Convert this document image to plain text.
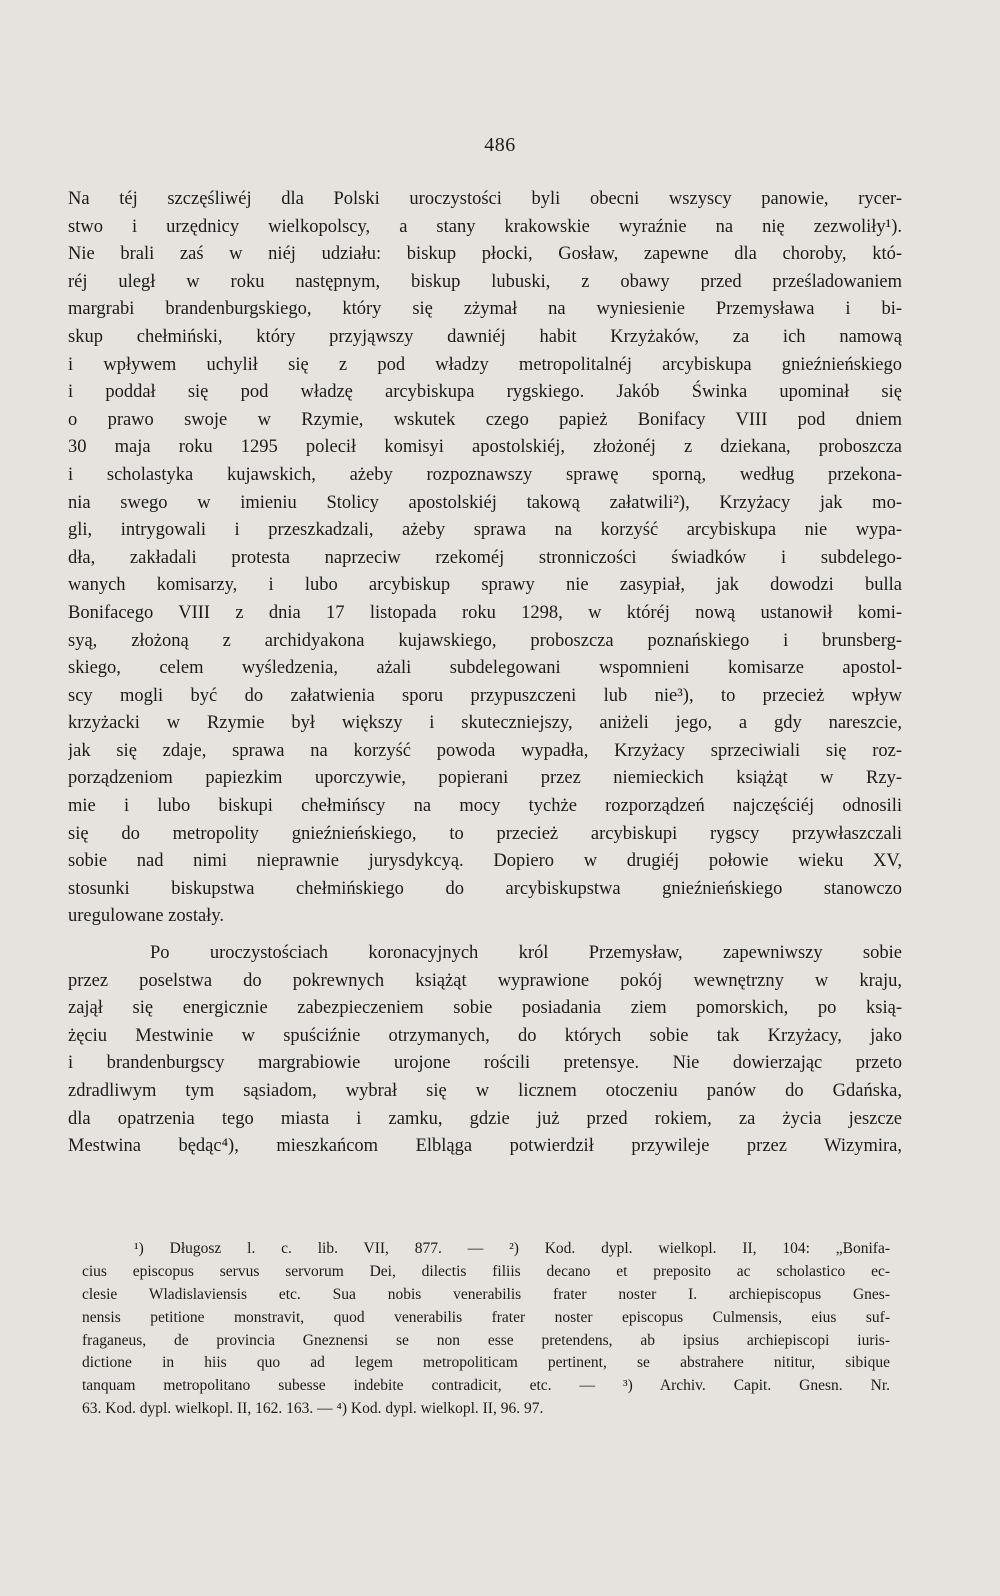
486
Na téj szczęśliwéj dla Polski uroczystości byli obecni wszyscy panowie, rycer-
stwo i urzędnicy wielkopolscy, a stany krakowskie wyraźnie na nię zezwoliły¹).
Nie brali zaś w niéj udziału: biskup płocki, Gosław, zapewne dla choroby, któ-
réj uległ w roku następnym, biskup lubuski, z obawy przed prześladowaniem
margrabi brandenburgskiego, który się zżymał na wyniesienie Przemysława i bi-
skup chełmiński, który przyjąwszy dawniéj habit Krzyżaków, za ich namową
i wpływem uchylił się z pod władzy metropolitalnéj arcybiskupa gnieźnieńskiego
i poddał się pod władzę arcybiskupa rygskiego. Jakób Świnka upominał się
o prawo swoje w Rzymie, wskutek czego papież Bonifacy VIII pod dniem
30 maja roku 1295 polecił komisyi apostolskiéj, złożonéj z dziekana, proboszcza
i scholastyka kujawskich, ażeby rozpoznawszy sprawę sporną, według przekona-
nia swego w imieniu Stolicy apostolskiéj takową załatwili²), Krzyżacy jak mo-
gli, intrygowali i przeszkadzali, ażeby sprawa na korzyść arcybiskupa nie wypa-
dła, zakładali protesta naprzeciw rzekoméj stronniczości świadków i subdelego-
wanych komisarzy, i lubo arcybiskup sprawy nie zasypiał, jak dowodzi bulla
Bonifacego VIII z dnia 17 listopada roku 1298, w któréj nową ustanowił komi-
syą, złożoną z archidyakona kujawskiego, proboszcza poznańskiego i brunsberg-
skiego, celem wyśledzenia, ażali subdelegowani wspomnieni komisarze apostol-
scy mogli być do załatwienia sporu przypuszczeni lub nie³), to przecież wpływ
krzyżacki w Rzymie był większy i skuteczniejszy, aniżeli jego, a gdy nareszcie,
jak się zdaje, sprawa na korzyść powoda wypadła, Krzyżacy sprzeciwiali się roz-
porządzeniom papiezkim uporczywie, popierani przez niemieckich książąt w Rzy-
mie i lubo biskupi chełmińscy na mocy tychże rozporządzeń najczęściéj odnosili
się do metropolity gnieźnieńskiego, to przecież arcybiskupi rygscy przywłaszczali
sobie nad nimi nieprawnie jurysdykcyą. Dopiero w drugiéj połowie wieku XV,
stosunki biskupstwa chełmińskiego do arcybiskupstwa gnieźnieńskiego stanowczo
uregulowane zostały.
Po uroczystościach koronacyjnych król Przemysław, zapewniwszy sobie
przez poselstwa do pokrewnych książąt wyprawione pokój wewnętrzny w kraju,
zajął się energicznie zabezpieczeniem sobie posiadania ziem pomorskich, po ksią-
żęciu Mestwinie w spuściźnie otrzymanych, do których sobie tak Krzyżacy, jako
i brandenburgscy margrabiowie urojone rościli pretensye. Nie dowierzając przeto
zdradliwym tym sąsiadom, wybrał się w licznem otoczeniu panów do Gdańska,
dla opatrzenia tego miasta i zamku, gdzie już przed rokiem, za życia jeszcze
Mestwina będąc⁴), mieszkańcom Elbląga potwierdził przywileje przez Wizymira,
¹) Długosz l. c. lib. VII, 877. — ²) Kod. dypl. wielkopl. II, 104: „Bonifa-
cius episcopus servus servorum Dei, dilectis filiis decano et preposito ac scholastico ec-
clesie Wladislaviensis etc. Sua nobis venerabilis frater noster I. archiepiscopus Gnes-
nensis petitione monstravit, quod venerabilis frater noster episcopus Culmensis, eius suf-
fraganeus, de provincia Gneznensi se non esse pretendens, ab ipsius archiepiscopi iuris-
dictione in hiis quo ad legem metropoliticam pertinent, se abstrahere nititur, sibique
tanquam metropolitano subesse indebite contradicit, etc. — ³) Archiv. Capit. Gnesn. Nr.
63. Kod. dypl. wielkopl. II, 162. 163. — ⁴) Kod. dypl. wielkopl. II, 96. 97.
